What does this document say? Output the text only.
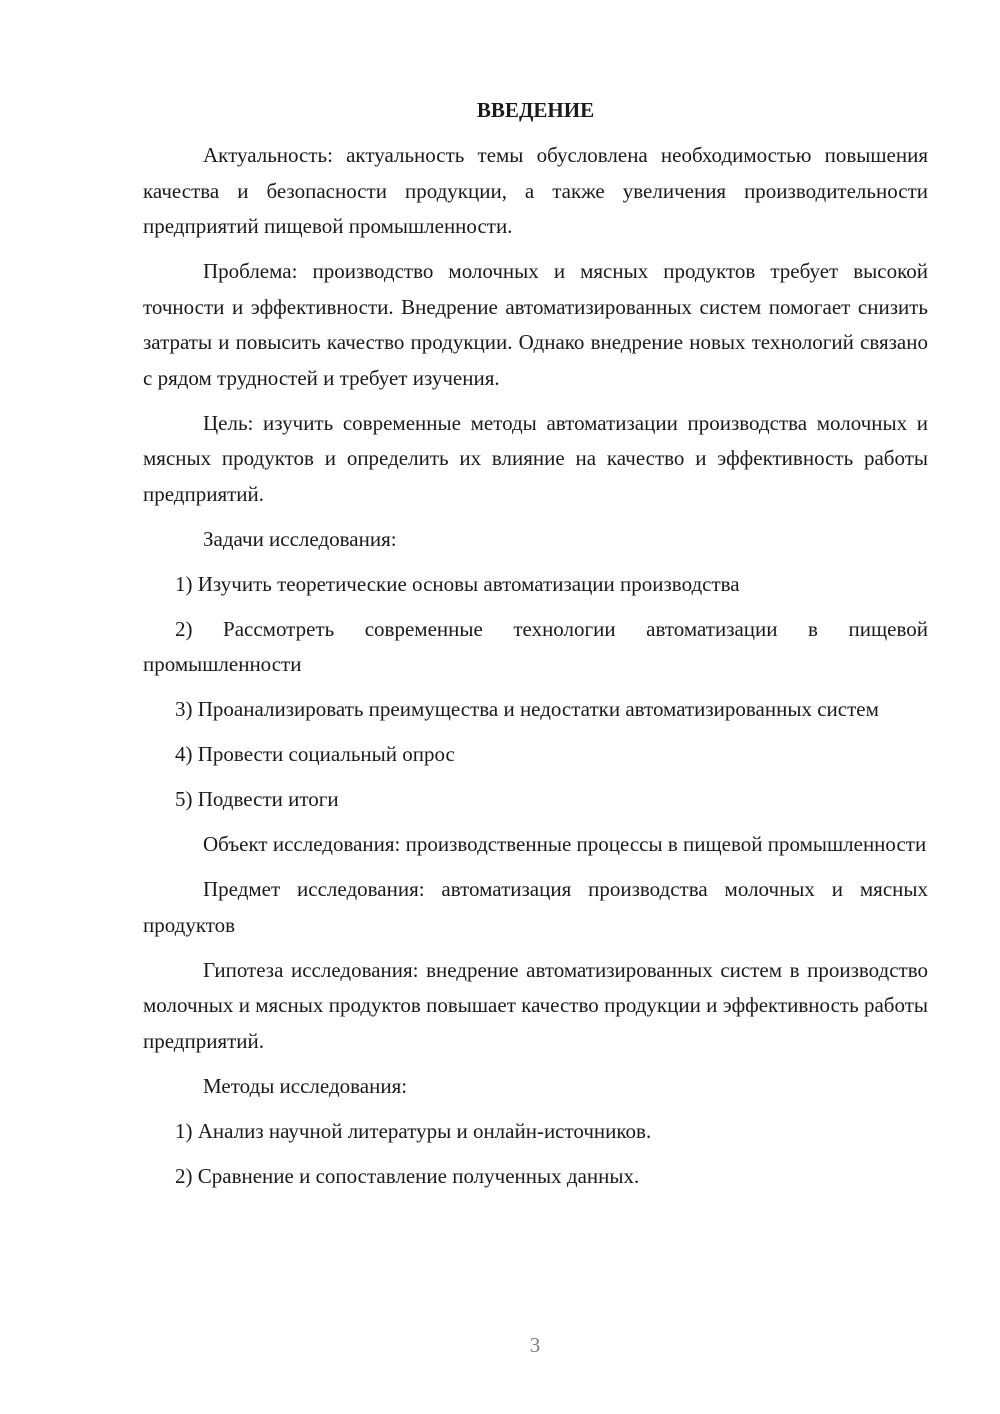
ВВЕДЕНИЕ

Актуальность: актуальность темы обусловлена необходимостью повышения качества и безопасности продукции, а также увеличения производительности предприятий пищевой промышленности.

Проблема: производство молочных и мясных продуктов требует высокой точности и эффективности. Внедрение автоматизированных систем помогает снизить затраты и повысить качество продукции. Однако внедрение новых технологий связано с рядом трудностей и требует изучения.

Цель: изучить современные методы автоматизации производства молочных и мясных продуктов и определить их влияние на качество и эффективность работы предприятий.

Задачи исследования:

1) Изучить теоретические основы автоматизации производства

2) Рассмотреть современные технологии автоматизации в пищевой промышленности

3) Проанализировать преимущества и недостатки автоматизированных систем

4) Провести социальный опрос

5) Подвести итоги

Объект исследования: производственные процессы в пищевой промышленности

Предмет исследования: автоматизация производства молочных и мясных продуктов

Гипотеза исследования: внедрение автоматизированных систем в производство молочных и мясных продуктов повышает качество продукции и эффективность работы предприятий.

Методы исследования:

1) Анализ научной литературы и онлайн-источников.

2) Сравнение и сопоставление полученных данных.

3
